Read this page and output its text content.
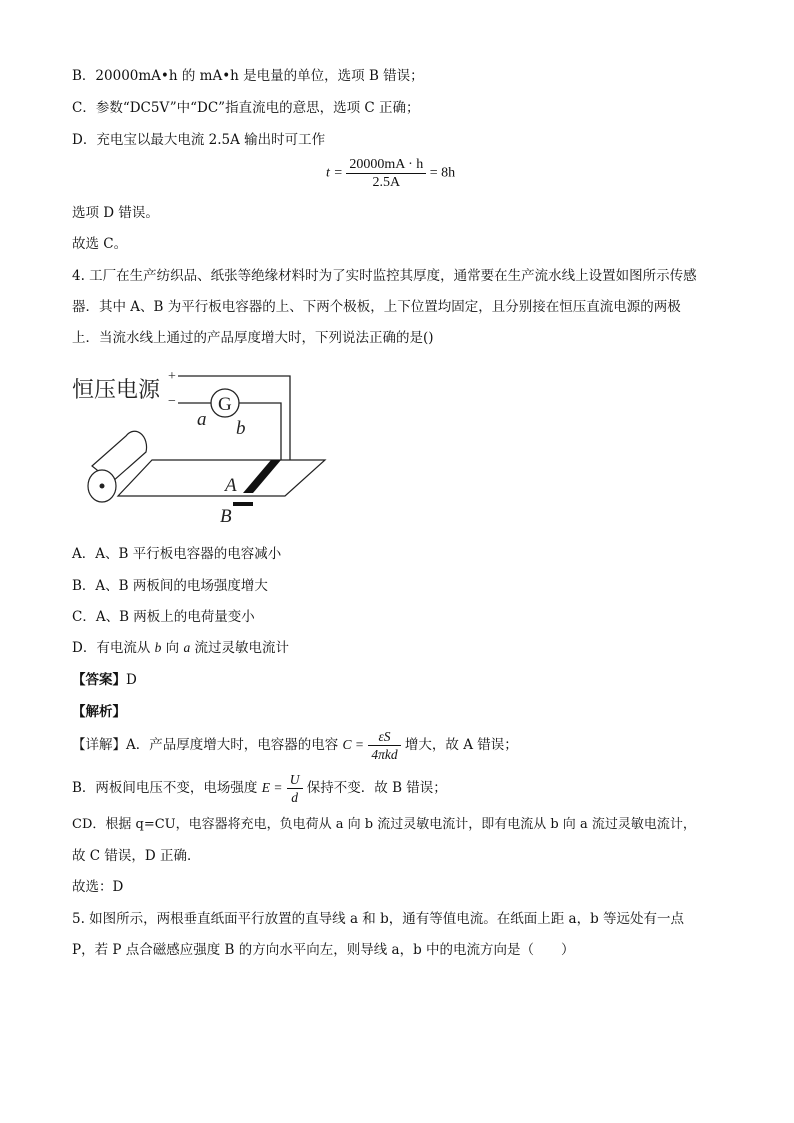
B．20000mA•h 的 mA•h 是电量的单位，选项 B 错误；
C．参数“DC5V”中“DC”指直流电的意思，选项 C 正确；
D．充电宝以最大电流 2.5A 输出时可工作
$t = \frac{20000mA \cdot h}{2.5A} = 8h$
选项 D 错误。
故选 C。
4. 工厂在生产纺织品、纸张等绝缘材料时为了实时监控其厚度，通常要在生产流水线上设置如图所示传感
器．其中 A、B 为平行板电容器的上、下两个极板，上下位置均固定，且分别接在恒压直流电源的两极
上．当流水线上通过的产品厚度增大时，下列说法正确的是()
恒压电源
+
− G
a b
A
B
A．A、B 平行板电容器的电容减小
B．A、B 两板间的电场强度增大
C．A、B 两板上的电荷量变小
D．有电流从 b 向 a 流过灵敏电流计
【答案】D
【解析】
【详解】A．产品厚度增大时，电容器的电容 $C = \frac{\varepsilon S}{\text{4πkd}}$ 增大，故 A 错误；
B．两板间电压不变，电场强度 $E = \frac{U}{d}$ 保持不变．故 B 错误；
CD．根据 q=CU，电容器将充电，负电荷从 a 向 b 流过灵敏电流计，即有电流从 b 向 a 流过灵敏电流计，
故 C 错误，D 正确．
故选：D
5. 如图所示，两根垂直纸面平行放置的直导线 a 和 b，通有等值电流。在纸面上距 a，b 等远处有一点
P，若 P 点合磁感应强度 B 的方向水平向左，则导线 a，b 中的电流方向是（　　）
